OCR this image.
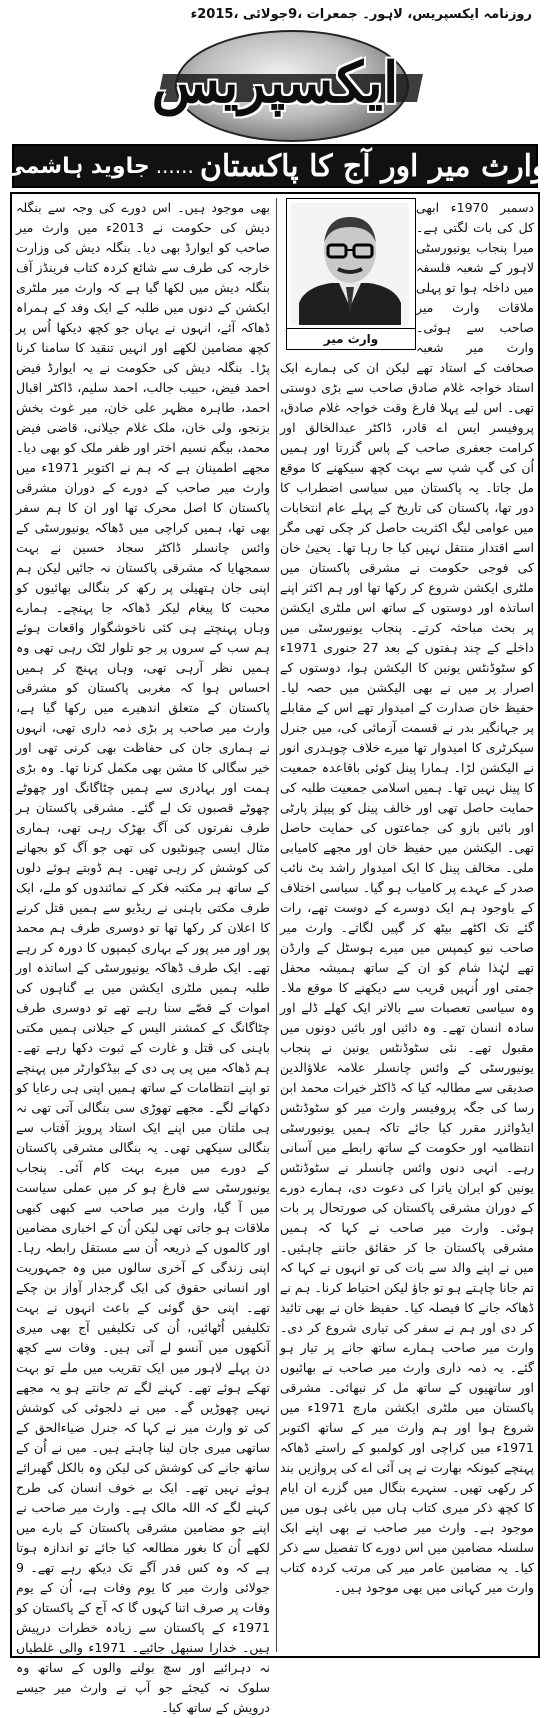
روزنامہ ایکسپریس، لاہور۔ جمعرات ،9جولائی ،2015ء
ایکسپریس
وارث میر اور آج کا پاکستان
......
جاوید ہاشمی
وارث میر

دسمبر 1970ء ابھی کل کی بات لگتی ہے۔ میرا پنجاب یونیورسٹی لاہور کے شعبہ فلسفہ میں داخلہ ہوا تو پہلی ملاقات وارث میر صاحب سے ہوئی۔ وارث میر شعبہ صحافت کے استاد تھے لیکن ان کی ہمارے ایک استاد خواجہ غلام صادق صاحب سے بڑی دوستی تھی۔ اس لیے پہلا فارغ وقت خواجہ غلام صادق، پروفیسر ایس اے قادر، ڈاکٹر عبدالخالق اور کرامت جعفری صاحب کے پاس گزرتا اور ہمیں اُن کی گپ شپ سے بہت کچھ سیکھنے کا موقع مل جاتا۔ یہ پاکستان میں سیاسی اضطراب کا دور تھا، پاکستان کی تاریخ کے پہلے عام انتخابات میں عوامی لیگ اکثریت حاصل کر چکی تھی مگر اسے اقتدار منتقل نہیں کیا جا رہا تھا۔ یحییٰ خان کی فوجی حکومت نے مشرقی پاکستان میں ملٹری ایکشن شروع کر رکھا تھا اور ہم اکثر اپنے اساتذہ اور دوستوں کے ساتھ اس ملٹری ایکشن پر بحث مباحثہ کرتے۔ پنجاب یونیورسٹی میں داخلے کے چند ہفتوں کے بعد 27 جنوری 1971ء کو سٹوڈنٹس یونین کا الیکشن ہوا، دوستوں کے اصرار پر میں نے بھی الیکشن میں حصہ لیا۔ حفیظ خان صدارت کے امیدوار تھے اس کے مقابلے پر جہانگیر بدر نے قسمت آزمائی کی، میں جنرل سیکرٹری کا امیدوار تھا میرے خلاف چوہدری انور نے الیکشن لڑا۔ ہمارا پینل کوئی باقاعدہ جمعیت کا پینل نہیں تھا۔ ہمیں اسلامی جمعیت طلبہ کی حمایت حاصل تھی اور خالف پینل کو پیپلز پارٹی اور بائیں بازو کی جماعتوں کی حمایت حاصل تھی۔ الیکشن میں حفیظ خان اور مجھے کامیابی ملی۔ مخالف پینل کا ایک امیدوار راشد بٹ نائب صدر کے عہدے پر کامیاب ہو گیا۔ سیاسی اختلاف کے باوجود ہم ایک دوسرے کے دوست تھے، رات گئے تک اکٹھے بیٹھ کر گپیں لگاتے۔ وارث میر صاحب نیو کیمپس میں میرے ہوسٹل کے وارڈن تھے لہٰذا شام کو ان کے ساتھ ہمیشہ محفل جمتی اور اُنہیں قریب سے دیکھنے کا موقع ملا۔ وہ سیاسی تعصبات سے بالاتر ایک کھلے ڈلے اور سادہ انسان تھے۔ وہ دائیں اور بائیں دونوں میں مقبول تھے۔ نئی سٹوڈنٹس یونین نے پنجاب یونیورسٹی کے وائس چانسلر علامہ علاؤالدین صدیقی سے مطالبہ کیا کہ ڈاکٹر خیرات محمد ابن رسا کی جگہ پروفیسر وارث میر کو سٹوڈنٹس ایڈوائزر مقرر کیا جائے تاکہ ہمیں یونیورسٹی انتظامیہ اور حکومت کے ساتھ رابطے میں آسانی رہے۔ انہی دنوں وائس چانسلر نے سٹوڈنٹس یونین کو ایران یاترا کی دعوت دی، ہمارے دورے کے دوران مشرقی پاکستان کی صورتحال پر بات ہوئی۔ وارث میر صاحب نے کہا کہ ہمیں مشرقی پاکستان جا کر حقائق جاننے چاہئیں۔ میں نے اپنے والد سے بات کی تو انہوں نے کہا کہ تم جانا چاہتے ہو تو جاؤ لیکن احتیاط کرنا۔ ہم نے ڈھاکہ جانے کا فیصلہ کیا۔ حفیظ خان نے بھی تائید کر دی اور ہم نے سفر کی تیاری شروع کر دی۔ وارث میر صاحب ہمارے ساتھ جانے پر تیار ہو گئے۔ یہ ذمہ داری وارث میر صاحب نے بھائیوں اور ساتھیوں کے ساتھ مل کر نبھائی۔ مشرقی پاکستان میں ملٹری ایکشن مارچ 1971ء میں شروع ہوا اور ہم وارث میر کے ساتھ اکتوبر 1971ء میں کراچی اور کولمبو کے راستے ڈھاکہ پہنچے کیونکہ بھارت نے پی آئی اے کی پروازیں بند کر رکھی تھیں۔ سنہرے بنگال میں گزرے ان ایام کا کچھ ذکر میری کتاب ہاں میں باغی ہوں میں موجود ہے۔ وارث میر صاحب نے بھی اپنے ایک سلسلہ مضامین میں اس دورے کا تفصیل سے ذکر کیا۔ یہ مضامین عامر میر کی مرتب کردہ کتاب وارث میر کہانی میں بھی موجود ہیں۔

بھی موجود ہیں۔ اس دورے کی وجہ سے بنگلہ دیش کی حکومت نے 2013ء میں وارث میر صاحب کو ایوارڈ بھی دیا۔ بنگلہ دیش کی وزارت خارجہ کی طرف سے شائع کردہ کتاب فرینڈز آف بنگلہ دیش میں لکھا گیا ہے کہ وارث میر ملٹری ایکشن کے دنوں میں طلبہ کے ایک وفد کے ہمراہ ڈھاکہ آئے، انہوں نے یہاں جو کچھ دیکھا اُس پر کچھ مضامین لکھے اور انہیں تنقید کا سامنا کرنا پڑا۔ بنگلہ دیش کی حکومت نے یہ ایوارڈ فیض احمد فیض، حبیب جالب، احمد سلیم، ڈاکٹر اقبال احمد، طاہرہ مظہر علی خان، میر غوث بخش بزنجو، ولی خان، ملک غلام جیلانی، قاضی فیض محمد، بیگم نسیم اختر اور ظفر ملک کو بھی دیا۔ مجھے اطمینان ہے کہ ہم نے اکتوبر 1971ء میں وارث میر صاحب کے دورے کے دوران مشرقی پاکستان کا اصل محرک تھا اور ان کا ہم سفر بھی تھا، ہمیں کراچی میں ڈھاکہ یونیورسٹی کے وائس چانسلر ڈاکٹر سجاد حسین نے بہت سمجھایا کہ مشرقی پاکستان نہ جائیں لیکن ہم اپنی جان ہتھیلی پر رکھ کر بنگالی بھائیوں کو محبت کا پیغام لیکر ڈھاکہ جا پہنچے۔ ہمارے وہاں پہنچتے ہی کئی ناخوشگوار واقعات ہوئے ہم سب کے سروں پر جو تلوار لٹک رہی تھی وہ ہمیں نظر آرہی تھی، وہاں پہنچ کر ہمیں احساس ہوا کہ مغربی پاکستان کو مشرقی پاکستان کے متعلق اندھیرے میں رکھا گیا ہے، وارث میر صاحب پر بڑی ذمہ داری تھی، انہوں نے ہماری جان کی حفاظت بھی کرنی تھی اور خیر سگالی کا مشن بھی مکمل کرنا تھا۔ وہ بڑی ہمت اور بہادری سے ہمیں چٹاگانگ اور چھوٹے چھوٹے قصبوں تک لے گئے۔ مشرقی پاکستان ہر طرف نفرتوں کی آگ بھڑک رہی تھی، ہماری مثال ایسی چیونٹیوں کی تھی جو آگ کو بجھانے کی کوشش کر رہی تھیں۔ ہم ڈوبتے ہوئے دلوں کے ساتھ ہر مکتبہ فکر کے نمائندوں کو ملے، ایک طرف مکتی باہنی نے ریڈیو سے ہمیں قتل کرنے کا اعلان کر رکھا تھا تو دوسری طرف ہم محمد پور اور میر پور کے بہاری کیمپوں کا دورہ کر رہے تھے۔ ایک طرف ڈھاکہ یونیورسٹی کے اساتذہ اور طلبہ ہمیں ملٹری ایکشن میں بے گناہوں کی اموات کے قصّے سنا رہے تھے تو دوسری طرف چٹاگانگ کے کمشنر الیس کے جیلانی ہمیں مکتی باہنی کی قتل و غارت کے ثبوت دکھا رہے تھے۔ ہم ڈھاکہ میں پی پی دی کے بیڈکوارٹر میں پہنچے تو اپنے انتظامات کے ساتھ ہمیں اپنی ہی رعایا کو دکھانے لگے۔ مجھے تھوڑی سی بنگالی آتی تھی نہ ہی ملتان میں اپنے ایک استاد پرویز آفتاب سے بنگالی سیکھی تھی۔ یہ بنگالی مشرقی پاکستان کے دورے میں میرے بہت کام آئی۔ پنجاب یونیورسٹی سے فارغ ہو کر میں عملی سیاست میں آ گیا، وارث میر صاحب سے کبھی کبھی ملاقات ہو جاتی تھی لیکن اُن کے اخباری مضامین اور کالموں کے ذریعہ اُن سے مستقل رابطہ رہا۔ اپنی زندگی کے آخری سالوں میں وہ جمہوریت اور انسانی حقوق کی ایک گرجدار آواز بن چکے تھے۔ اپنی حق گوئی کے باعث انہوں نے بہت تکلیفیں اُٹھائیں، اُن کی تکلیفیں آج بھی میری آنکھوں میں آنسو لے آتی ہیں۔ وفات سے کچھ دن پہلے لاہور میں ایک تقریب میں ملے تو بہت تھکے ہوئے تھے۔ کہنے لگے تم جانتے ہو یہ مجھے نہیں چھوڑیں گے۔ میں نے دلجوئی کی کوشش کی تو وارث میر نے کہا کہ جنرل ضیاءالحق کے ساتھی میری جان لینا چاہتے ہیں۔ میں نے اُن کے ساتھ جانے کی کوشش کی لیکن وہ بالکل گھبرائے ہوئے نہیں تھے۔ ایک بے خوف انسان کی طرح کہنے لگے کہ اللہ مالک ہے۔ وارث میر صاحب نے اپنے جو مضامین مشرقی پاکستان کے بارے میں لکھے اُن کا بغور مطالعہ کیا جائے تو اندازہ ہوتا ہے کہ وہ کس قدر آگے تک دیکھ رہے تھے۔ 9 جولائی وارث میر کا یوم وفات ہے، اُن کے یوم وفات پر صرف اتنا کہوں گا کہ آج کے پاکستان کو 1971ء کے پاکستان سے زیادہ خطرات درپیش ہیں۔ خدارا سنبھل جائیے۔ 1971ء والی غلطیاں نہ دہرائیے اور سچ بولنے والوں کے ساتھ وہ سلوک نہ کیجئے جو آپ نے وارث میر جیسے درویش کے ساتھ کیا۔
